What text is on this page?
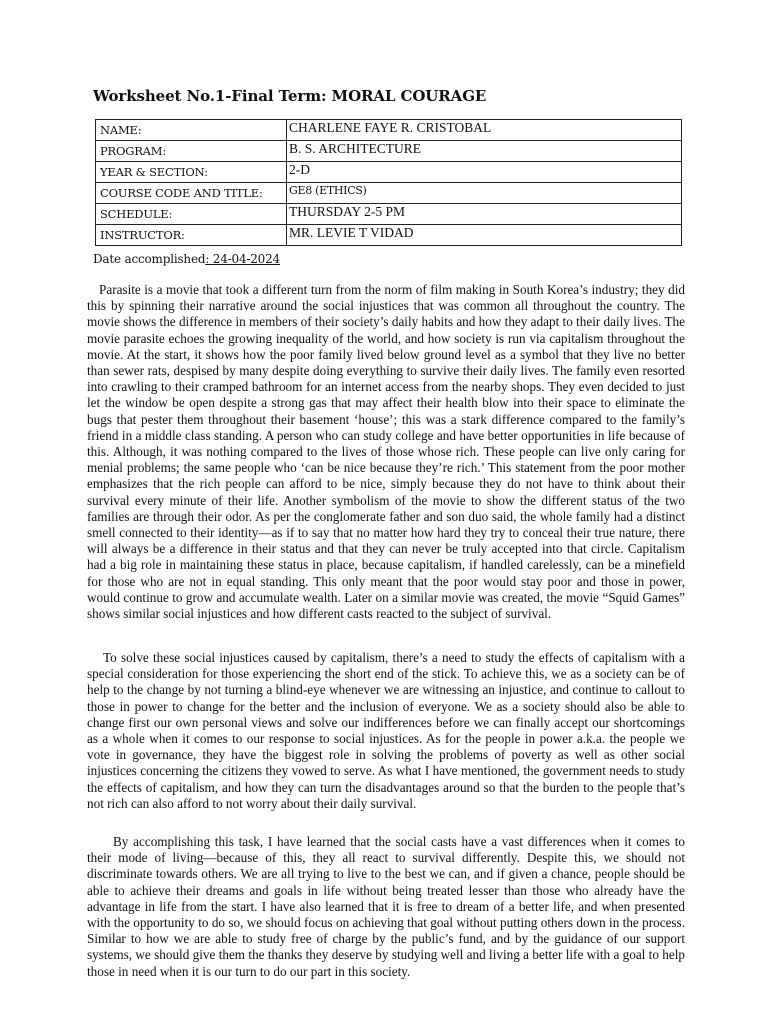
Worksheet No.1-Final Term: MORAL COURAGE
NAME:	CHARLENE FAYE R. CRISTOBAL
PROGRAM:	B. S. ARCHITECTURE
YEAR & SECTION:	2-D
COURSE CODE AND TITLE:	GE8 (ETHICS)
SCHEDULE:	THURSDAY 2-5 PM
INSTRUCTOR:	MR. LEVIE T VIDAD
Date accomplished: 24-04-2024

Parasite is a movie that took a different turn from the norm of film making in South Korea’s industry; they did this by spinning their narrative around the social injustices that was common all throughout the country. The movie shows the difference in members of their society’s daily habits and how they adapt to their daily lives. The movie parasite echoes the growing inequality of the world, and how society is run via capitalism throughout the movie. At the start, it shows how the poor family lived below ground level as a symbol that they live no better than sewer rats, despised by many despite doing everything to survive their daily lives. The family even resorted into crawling to their cramped bathroom for an internet access from the nearby shops. They even decided to just let the window be open despite a strong gas that may affect their health blow into their space to eliminate the bugs that pester them throughout their basement ‘house’; this was a stark difference compared to the family’s friend in a middle class standing. A person who can study college and have better opportunities in life because of this. Although, it was nothing compared to the lives of those whose rich. These people can live only caring for menial problems; the same people who ‘can be nice because they’re rich.’ This statement from the poor mother emphasizes that the rich people can afford to be nice, simply because they do not have to think about their survival every minute of their life. Another symbolism of the movie to show the different status of the two families are through their odor. As per the conglomerate father and son duo said, the whole family had a distinct smell connected to their identity—as if to say that no matter how hard they try to conceal their true nature, there will always be a difference in their status and that they can never be truly accepted into that circle. Capitalism had a big role in maintaining these status in place, because capitalism, if handled carelessly, can be a minefield for those who are not in equal standing. This only meant that the poor would stay poor and those in power, would continue to grow and accumulate wealth. Later on a similar movie was created, the movie “Squid Games” shows similar social injustices and how different casts reacted to the subject of survival.

To solve these social injustices caused by capitalism, there’s a need to study the effects of capitalism with a special consideration for those experiencing the short end of the stick. To achieve this, we as a society can be of help to the change by not turning a blind-eye whenever we are witnessing an injustice, and continue to callout to those in power to change for the better and the inclusion of everyone. We as a society should also be able to change first our own personal views and solve our indifferences before we can finally accept our shortcomings as a whole when it comes to our response to social injustices. As for the people in power a.k.a. the people we vote in governance, they have the biggest role in solving the problems of poverty as well as other social injustices concerning the citizens they vowed to serve. As what I have mentioned, the government needs to study the effects of capitalism, and how they can turn the disadvantages around so that the burden to the people that’s not rich can also afford to not worry about their daily survival.

By accomplishing this task, I have learned that the social casts have a vast differences when it comes to their mode of living—because of this, they all react to survival differently. Despite this, we should not discriminate towards others. We are all trying to live to the best we can, and if given a chance, people should be able to achieve their dreams and goals in life without being treated lesser than those who already have the advantage in life from the start. I have also learned that it is free to dream of a better life, and when presented with the opportunity to do so, we should focus on achieving that goal without putting others down in the process. Similar to how we are able to study free of charge by the public’s fund, and by the guidance of our support systems, we should give them the thanks they deserve by studying well and living a better life with a goal to help those in need when it is our turn to do our part in this society.
